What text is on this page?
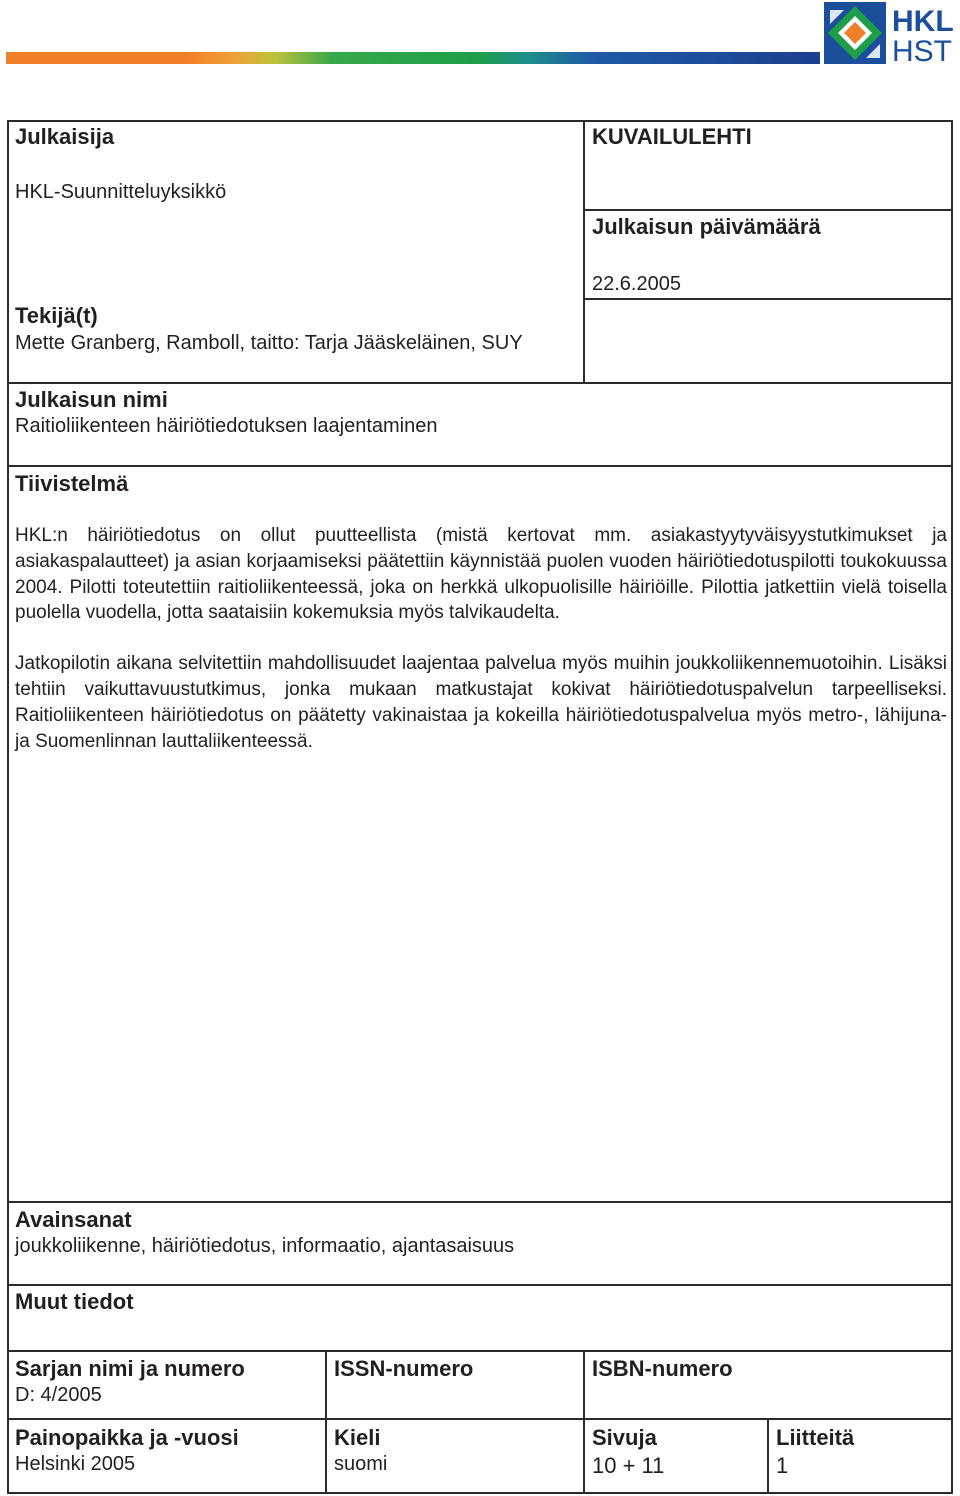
HKL
HST
Julkaisija
HKL-Suunnitteluyksikkö
KUVAILULEHTI
Julkaisun päivämäärä
22.6.2005
Tekijä(t)
Mette Granberg, Ramboll, taitto: Tarja Jääskeläinen, SUY
Julkaisun nimi
Raitioliikenteen häiriötiedotuksen laajentaminen
Tiivistelmä

HKL:n häiriötiedotus on ollut puutteellista (mistä kertovat mm. asiakastyytyväisyystutkimukset ja asiakaspalautteet) ja asian korjaamiseksi päätettiin käynnistää puolen vuoden häiriötiedotuspilotti toukokuussa 2004. Pilotti toteutettiin raitioliikenteessä, joka on herkkä ulkopuolisille häiriöille. Pilottia jatkettiin vielä toisella puolella vuodella, jotta saataisiin kokemuksia myös talvikaudelta.

Jatkopilotin aikana selvitettiin mahdollisuudet laajentaa palvelua myös muihin joukkoliikennemuotoihin. Lisäksi tehtiin vaikuttavuustutkimus, jonka mukaan matkustajat kokivat häiriötiedotuspalvelun tarpeelliseksi. Raitioliikenteen häiriötiedotus on päätetty vakinaistaa ja kokeilla häiriötiedotuspalvelua myös metro-, lähijuna- ja Suomenlinnan lauttaliikenteessä.

Avainsanat
joukkoliikenne, häiriötiedotus, informaatio, ajantasaisuus
Muut tiedot
Sarjan nimi ja numero
D: 4/2005
ISSN-numero	ISBN-numero
Painopaikka ja -vuosi
Helsinki 2005
Kieli
suomi
Sivuja
10 + 11
Liitteitä
1
